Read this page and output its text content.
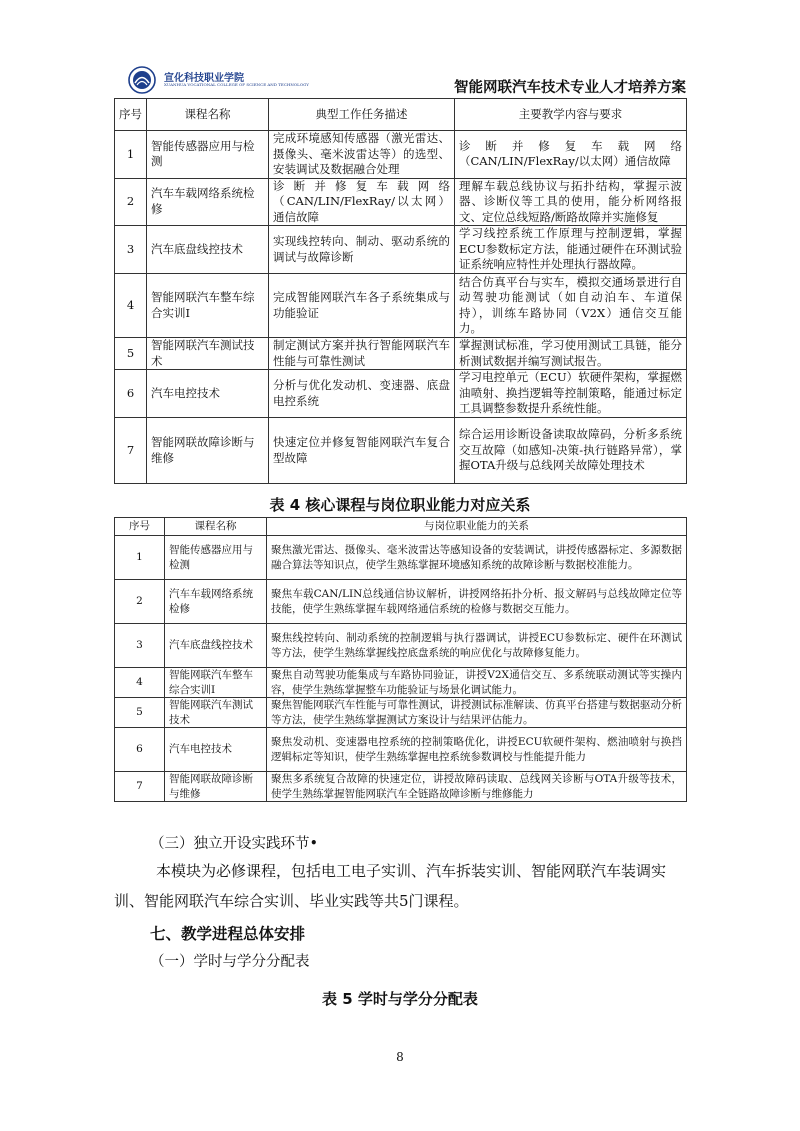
宣化科技职业学院
XUANHUA VOCATIONAL COLLEGE OF SCIENCE AND TECHNOLOGY	智能网联汽车技术专业人才培养方案
序号	课程名称	典型工作任务描述	主要教学内容与要求
1	智能传感器应用与检测	完成环境感知传感器（激光雷达、摄像头、毫米波雷达等）的选型、安装调试及数据融合处理	诊断并修复车载网络（CAN/LIN/FlexRay/以太网）通信故障
2	汽车车载网络系统检修	诊断并修复车载网络（CAN/LIN/FlexRay/以太网）通信故障	理解车载总线协议与拓扑结构，掌握示波器、诊断仪等工具的使用，能分析网络报文、定位总线短路/断路故障并实施修复
3	汽车底盘线控技术	实现线控转向、制动、驱动系统的调试与故障诊断	学习线控系统工作原理与控制逻辑，掌握ECU参数标定方法，能通过硬件在环测试验证系统响应特性并处理执行器故障。
4	智能网联汽车整车综合实训Ⅰ	完成智能网联汽车各子系统集成与功能验证	结合仿真平台与实车，模拟交通场景进行自动驾驶功能测试（如自动泊车、车道保持），训练车路协同（V2X）通信交互能力。
5	智能网联汽车测试技术	制定测试方案并执行智能网联汽车性能与可靠性测试	掌握测试标准，学习使用测试工具链，能分析测试数据并编写测试报告。
6	汽车电控技术	分析与优化发动机、变速器、底盘电控系统	学习电控单元（ECU）软硬件架构，掌握燃油喷射、换挡逻辑等控制策略，能通过标定工具调整参数提升系统性能。
7	智能网联故障诊断与维修	快速定位并修复智能网联汽车复合型故障	综合运用诊断设备读取故障码，分析多系统交互故障（如感知-决策-执行链路异常），掌握OTA升级与总线网关故障处理技术
表 4 核心课程与岗位职业能力对应关系
序号	课程名称	与岗位职业能力的关系
1	智能传感器应用与检测	聚焦激光雷达、摄像头、毫米波雷达等感知设备的安装调试，讲授传感器标定、多源数据融合算法等知识点，使学生熟练掌握环境感知系统的故障诊断与数据校准能力。
2	汽车车载网络系统检修	聚焦车载CAN/LIN总线通信协议解析，讲授网络拓扑分析、报文解码与总线故障定位等技能，使学生熟练掌握车载网络通信系统的检修与数据交互能力。
3	汽车底盘线控技术	聚焦线控转向、制动系统的控制逻辑与执行器调试，讲授ECU参数标定、硬件在环测试等方法，使学生熟练掌握线控底盘系统的响应优化与故障修复能力。
4	智能网联汽车整车综合实训Ⅰ	聚焦自动驾驶功能集成与车路协同验证，讲授V2X通信交互、多系统联动测试等实操内容，使学生熟练掌握整车功能验证与场景化调试能力。
5	智能网联汽车测试技术	聚焦智能网联汽车性能与可靠性测试，讲授测试标准解读、仿真平台搭建与数据驱动分析等方法，使学生熟练掌握测试方案设计与结果评估能力。
6	汽车电控技术	聚焦发动机、变速器电控系统的控制策略优化，讲授ECU软硬件架构、燃油喷射与换挡逻辑标定等知识，使学生熟练掌握电控系统参数调校与性能提升能力
7	智能网联故障诊断与维修	聚焦多系统复合故障的快速定位，讲授故障码读取、总线网关诊断与OTA升级等技术，使学生熟练掌握智能网联汽车全链路故障诊断与维修能力
（三）独立开设实践环节•
本模块为必修课程，包括电工电子实训、汽车拆装实训、智能网联汽车装调实训、智能网联汽车综合实训、毕业实践等共5门课程。
七、教学进程总体安排
（一）学时与学分分配表
表 5 学时与学分分配表
8
